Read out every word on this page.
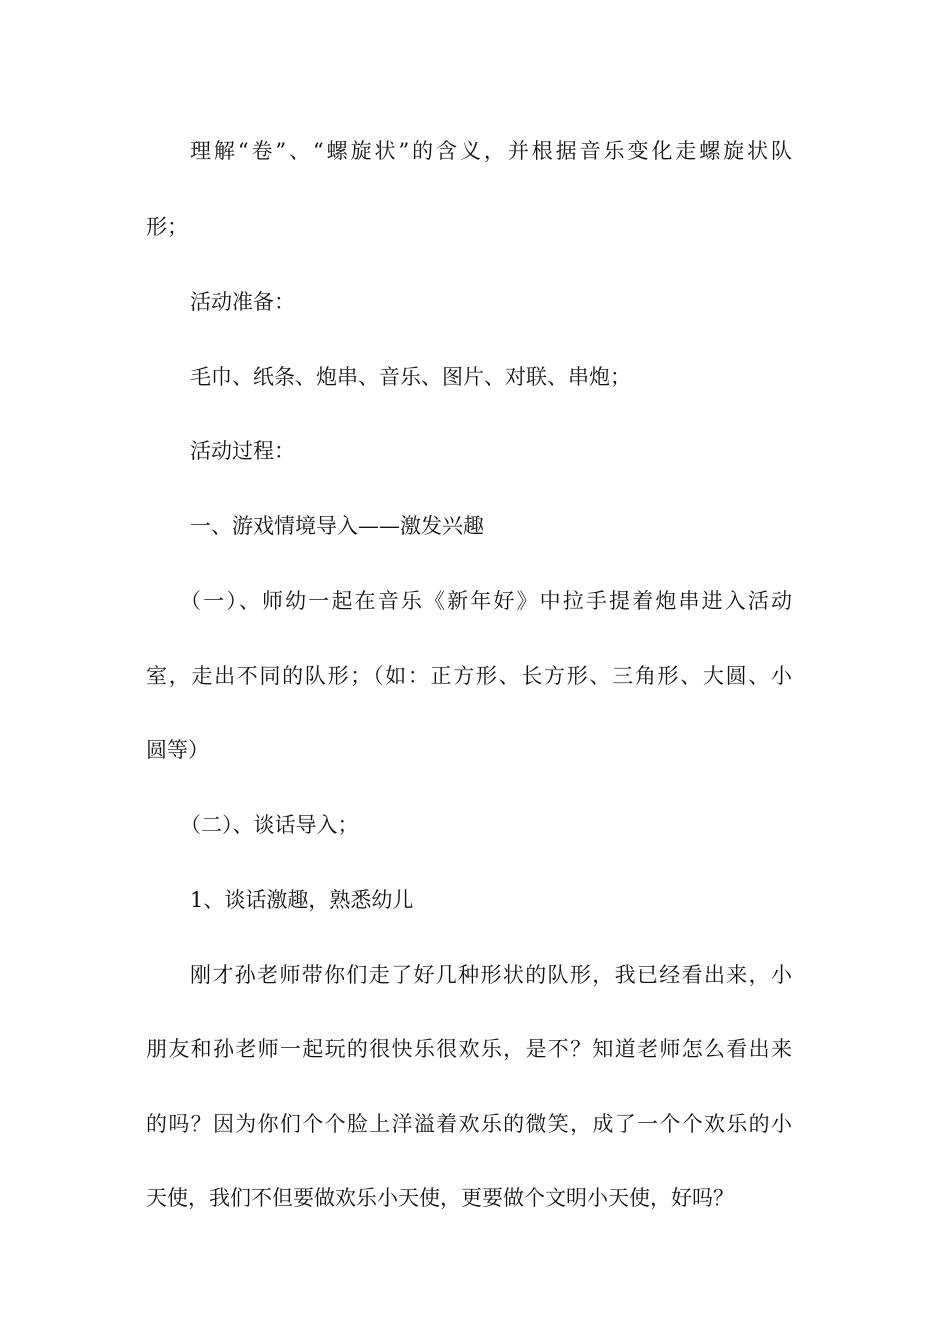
理解“卷”、“螺旋状”的含义，并根据音乐变化走螺旋状队
形；
活动准备：
毛巾、纸条、炮串、音乐、图片、对联、串炮；
活动过程：
一、游戏情境导入——激发兴趣
（一）、师幼一起在音乐《新年好》中拉手提着炮串进入活动
室，走出不同的队形；（如：正方形、长方形、三角形、大圆、小
圆等）
（二）、谈话导入；
1、谈话激趣，熟悉幼儿
刚才孙老师带你们走了好几种形状的队形，我已经看出来，小
朋友和孙老师一起玩的很快乐很欢乐，是不？知道老师怎么看出来
的吗？因为你们个个脸上洋溢着欢乐的微笑，成了一个个欢乐的小
天使，我们不但要做欢乐小天使，更要做个文明小天使，好吗？
